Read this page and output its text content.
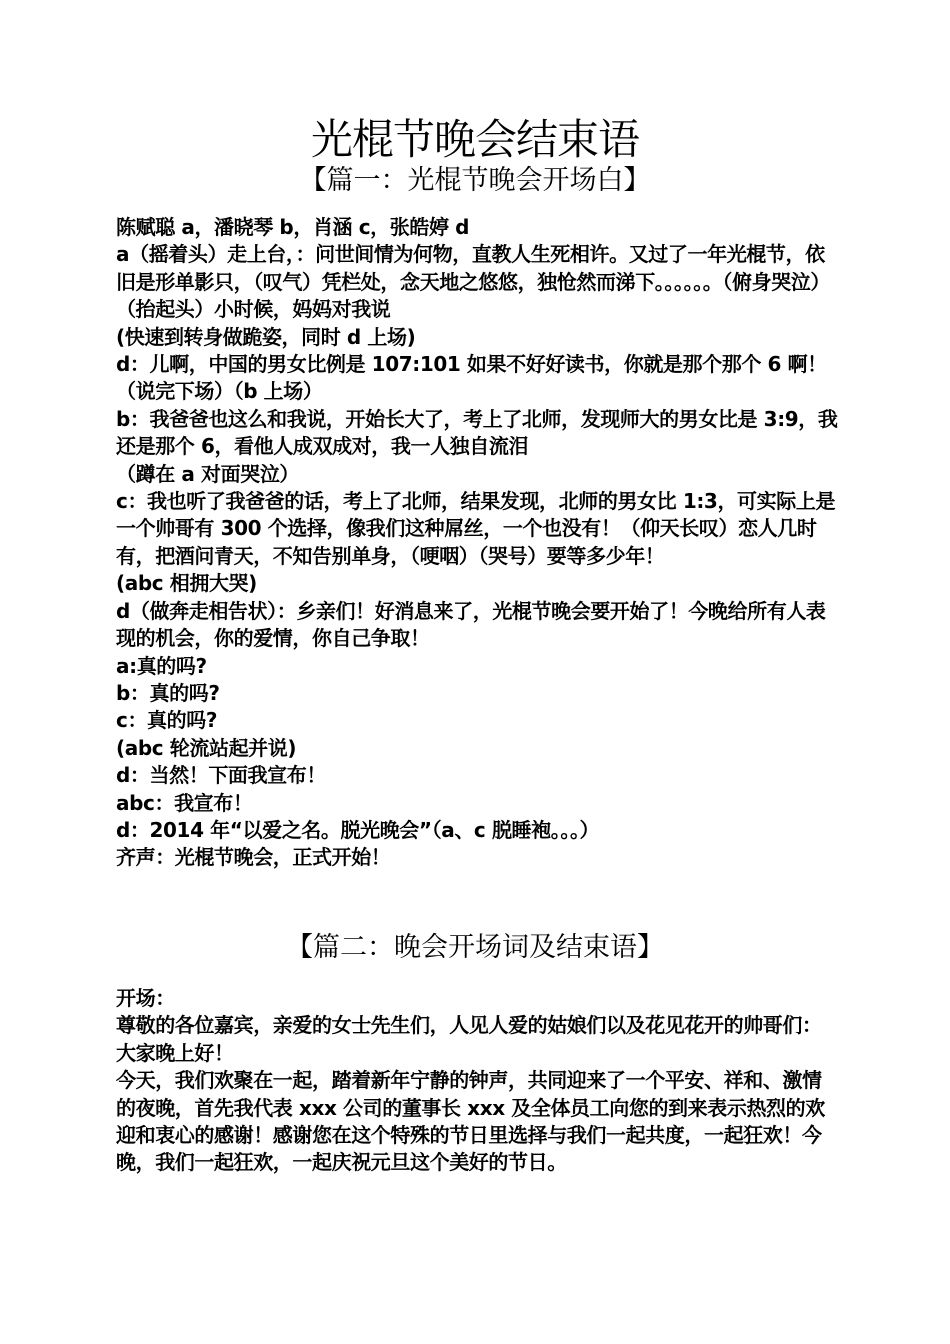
光棍节晚会结束语
【篇一：光棍节晚会开场白】

陈赋聪 a，潘晓琴 b，肖涵 c，张皓婷 d

a（摇着头）走上台，：问世间情为何物，直教人生死相许。又过了一年光棍节，依旧是形单影只，（叹气）凭栏处，念天地之悠悠，独怆然而涕下。。。。。。（俯身哭泣）（抬起头）小时候，妈妈对我说

(快速到转身做跪姿，同时 d 上场)

d：儿啊，中国的男女比例是 107:101 如果不好好读书，你就是那个那个 6 啊！（说完下场）（b 上场）

b：我爸爸也这么和我说，开始长大了，考上了北师，发现师大的男女比是 3:9，我还是那个 6，看他人成双成对，我一人独自流泪

（蹲在 a 对面哭泣）

c：我也听了我爸爸的话，考上了北师，结果发现，北师的男女比 1:3，可实际上是一个帅哥有 300 个选择，像我们这种屌丝，一个也没有！（仰天长叹）恋人几时有，把酒问青天，不知告别单身，（哽咽）（哭号）要等多少年！

(abc 相拥大哭)

d（做奔走相告状）：乡亲们！好消息来了，光棍节晚会要开始了！今晚给所有人表现的机会，你的爱情，你自己争取！

a:真的吗?

b：真的吗?

c：真的吗?

(abc 轮流站起并说)

d：当然！下面我宣布！

abc：我宣布！

d：2014 年“以爱之名。脱光晚会”（a、c 脱睡袍。。。）

齐声：光棍节晚会，正式开始！

【篇二：晚会开场词及结束语】

开场：

尊敬的各位嘉宾，亲爱的女士先生们，人见人爱的姑娘们以及花见花开的帅哥们： 大家晚上好！

今天，我们欢聚在一起，踏着新年宁静的钟声，共同迎来了一个平安、祥和、激情的夜晚，首先我代表 xxx 公司的董事长 xxx 及全体员工向您的到来表示热烈的欢迎和衷心的感谢！感谢您在这个特殊的节日里选择与我们一起共度，一起狂欢！今晚，我们一起狂欢，一起庆祝元旦这个美好的节日。
